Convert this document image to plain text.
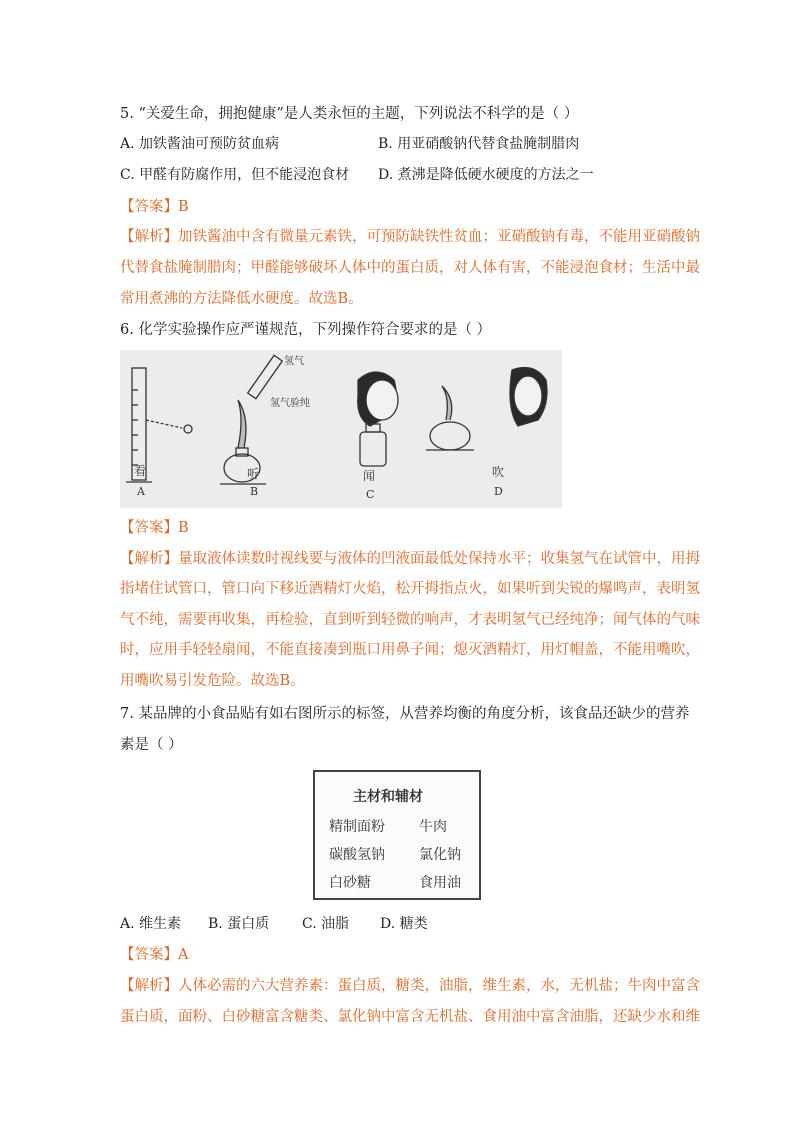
5. “关爱生命，拥抱健康”是人类永恒的主题，下列说法不科学的是（ ）
A. 加铁酱油可预防贫血病	B. 用亚硝酸钠代替食盐腌制腊肉
C. 甲醛有防腐作用，但不能浸泡食材 D. 煮沸是降低硬水硬度的方法之一
【答案】B
【解析】加铁酱油中含有微量元素铁，可预防缺铁性贫血；亚硝酸钠有毒，不能用亚硝酸钠
代替食盐腌制腊肉；甲醛能够破坏人体中的蛋白质，对人体有害，不能浸泡食材；生活中最
常用煮沸的方法降低水硬度。故选B。
6. 化学实验操作应严谨规范，下列操作符合要求的是（ ）
氢气
氢气验纯
看	听	闻	吹
A	B	C	D
【答案】B
【解析】量取液体读数时视线要与液体的凹液面最低处保持水平；收集氢气在试管中，用拇
指堵住试管口，管口向下移近酒精灯火焰，松开拇指点火，如果听到尖锐的爆鸣声，表明氢
气不纯，需要再收集，再检验，直到听到轻微的响声，才表明氢气已经纯净；闻气体的气味
时，应用手轻轻扇闻，不能直接凑到瓶口用鼻子闻；熄灭酒精灯，用灯帽盖，不能用嘴吹，
用嘴吹易引发危险。故选B。
7. 某品牌的小食品贴有如右图所示的标签，从营养均衡的角度分析，该食品还缺少的营养
素是（ ）
主材和辅材
精制面粉 牛肉
碳酸氢钠 氯化钠
白砂糖	食用油
A. 维生素 B. 蛋白质 C. 油脂 D. 糖类
【答案】A
【解析】人体必需的六大营养素：蛋白质，糖类，油脂，维生素，水，无机盐；牛肉中富含
蛋白质，面粉、白砂糖富含糖类、氯化钠中富含无机盐、食用油中富含油脂，还缺少水和维
